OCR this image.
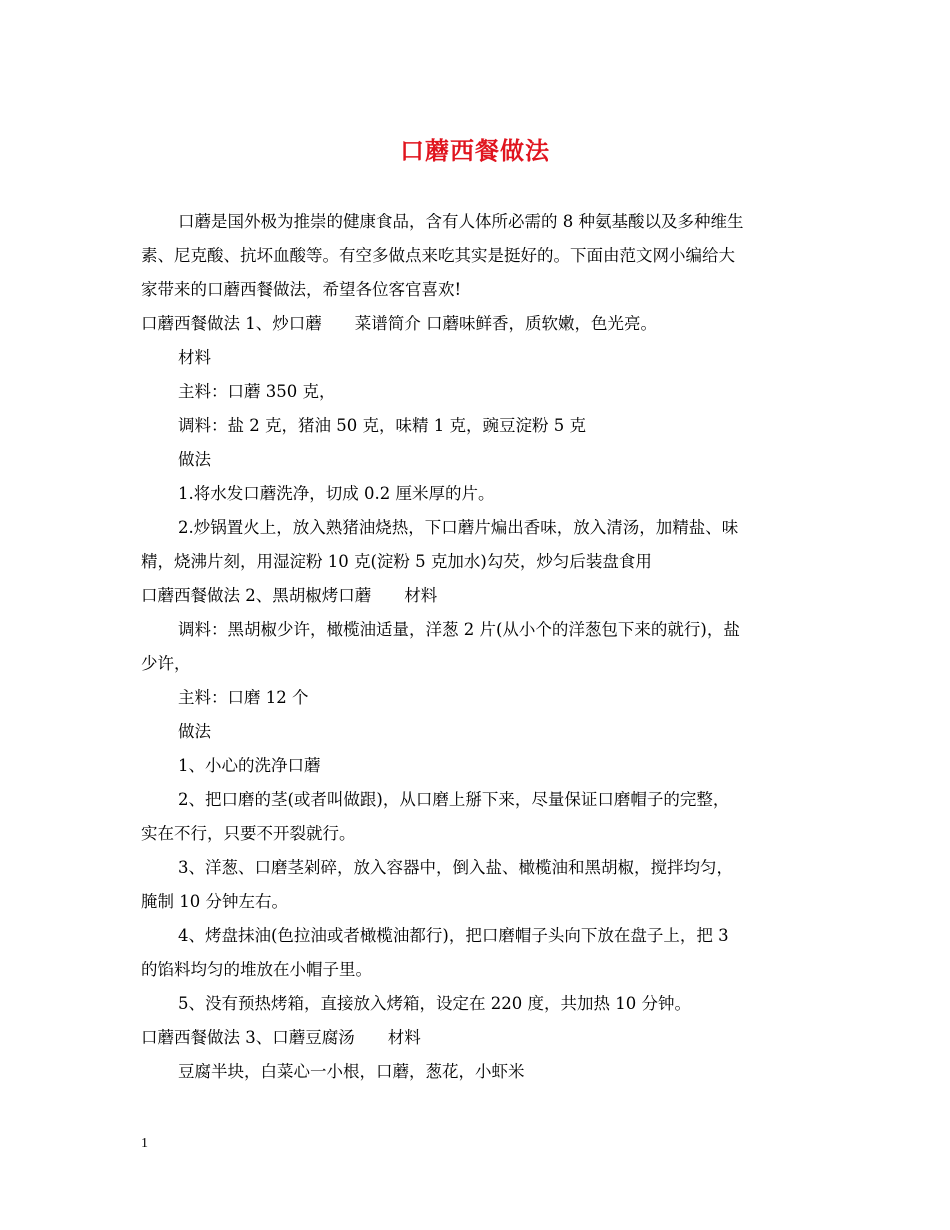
口蘑西餐做法
口蘑是国外极为推崇的健康食品，含有人体所必需的 8 种氨基酸以及多种维生
素、尼克酸、抗坏血酸等。有空多做点来吃其实是挺好的。下面由范文网小编给大
家带来的口蘑西餐做法，希望各位客官喜欢!
口蘑西餐做法 1、炒口蘑　　菜谱简介 口蘑味鲜香，质软嫩，色光亮。
材料
主料：口蘑 350 克，
调料：盐 2 克，猪油 50 克，味精 1 克，豌豆淀粉 5 克
做法
1.将水发口蘑洗净，切成 0.2 厘米厚的片。
2.炒锅置火上，放入熟猪油烧热，下口蘑片煸出香味，放入清汤，加精盐、味
精，烧沸片刻，用湿淀粉 10 克(淀粉 5 克加水)勾芡，炒匀后装盘食用
口蘑西餐做法 2、黑胡椒烤口蘑　　材料
调料：黑胡椒少许，橄榄油适量，洋葱 2 片(从小个的洋葱包下来的就行)，盐
少许，
主料：口磨 12 个
做法
1、小心的洗净口蘑
2、把口磨的茎(或者叫做跟)，从口磨上掰下来，尽量保证口磨帽子的完整，
实在不行，只要不开裂就行。
3、洋葱、口磨茎剁碎，放入容器中，倒入盐、橄榄油和黑胡椒，搅拌均匀，
腌制 10 分钟左右。
4、烤盘抹油(色拉油或者橄榄油都行)，把口磨帽子头向下放在盘子上，把 3
的馅料均匀的堆放在小帽子里。
5、没有预热烤箱，直接放入烤箱，设定在 220 度，共加热 10 分钟。
口蘑西餐做法 3、口蘑豆腐汤　　材料
豆腐半块，白菜心一小根，口蘑，葱花，小虾米
1
